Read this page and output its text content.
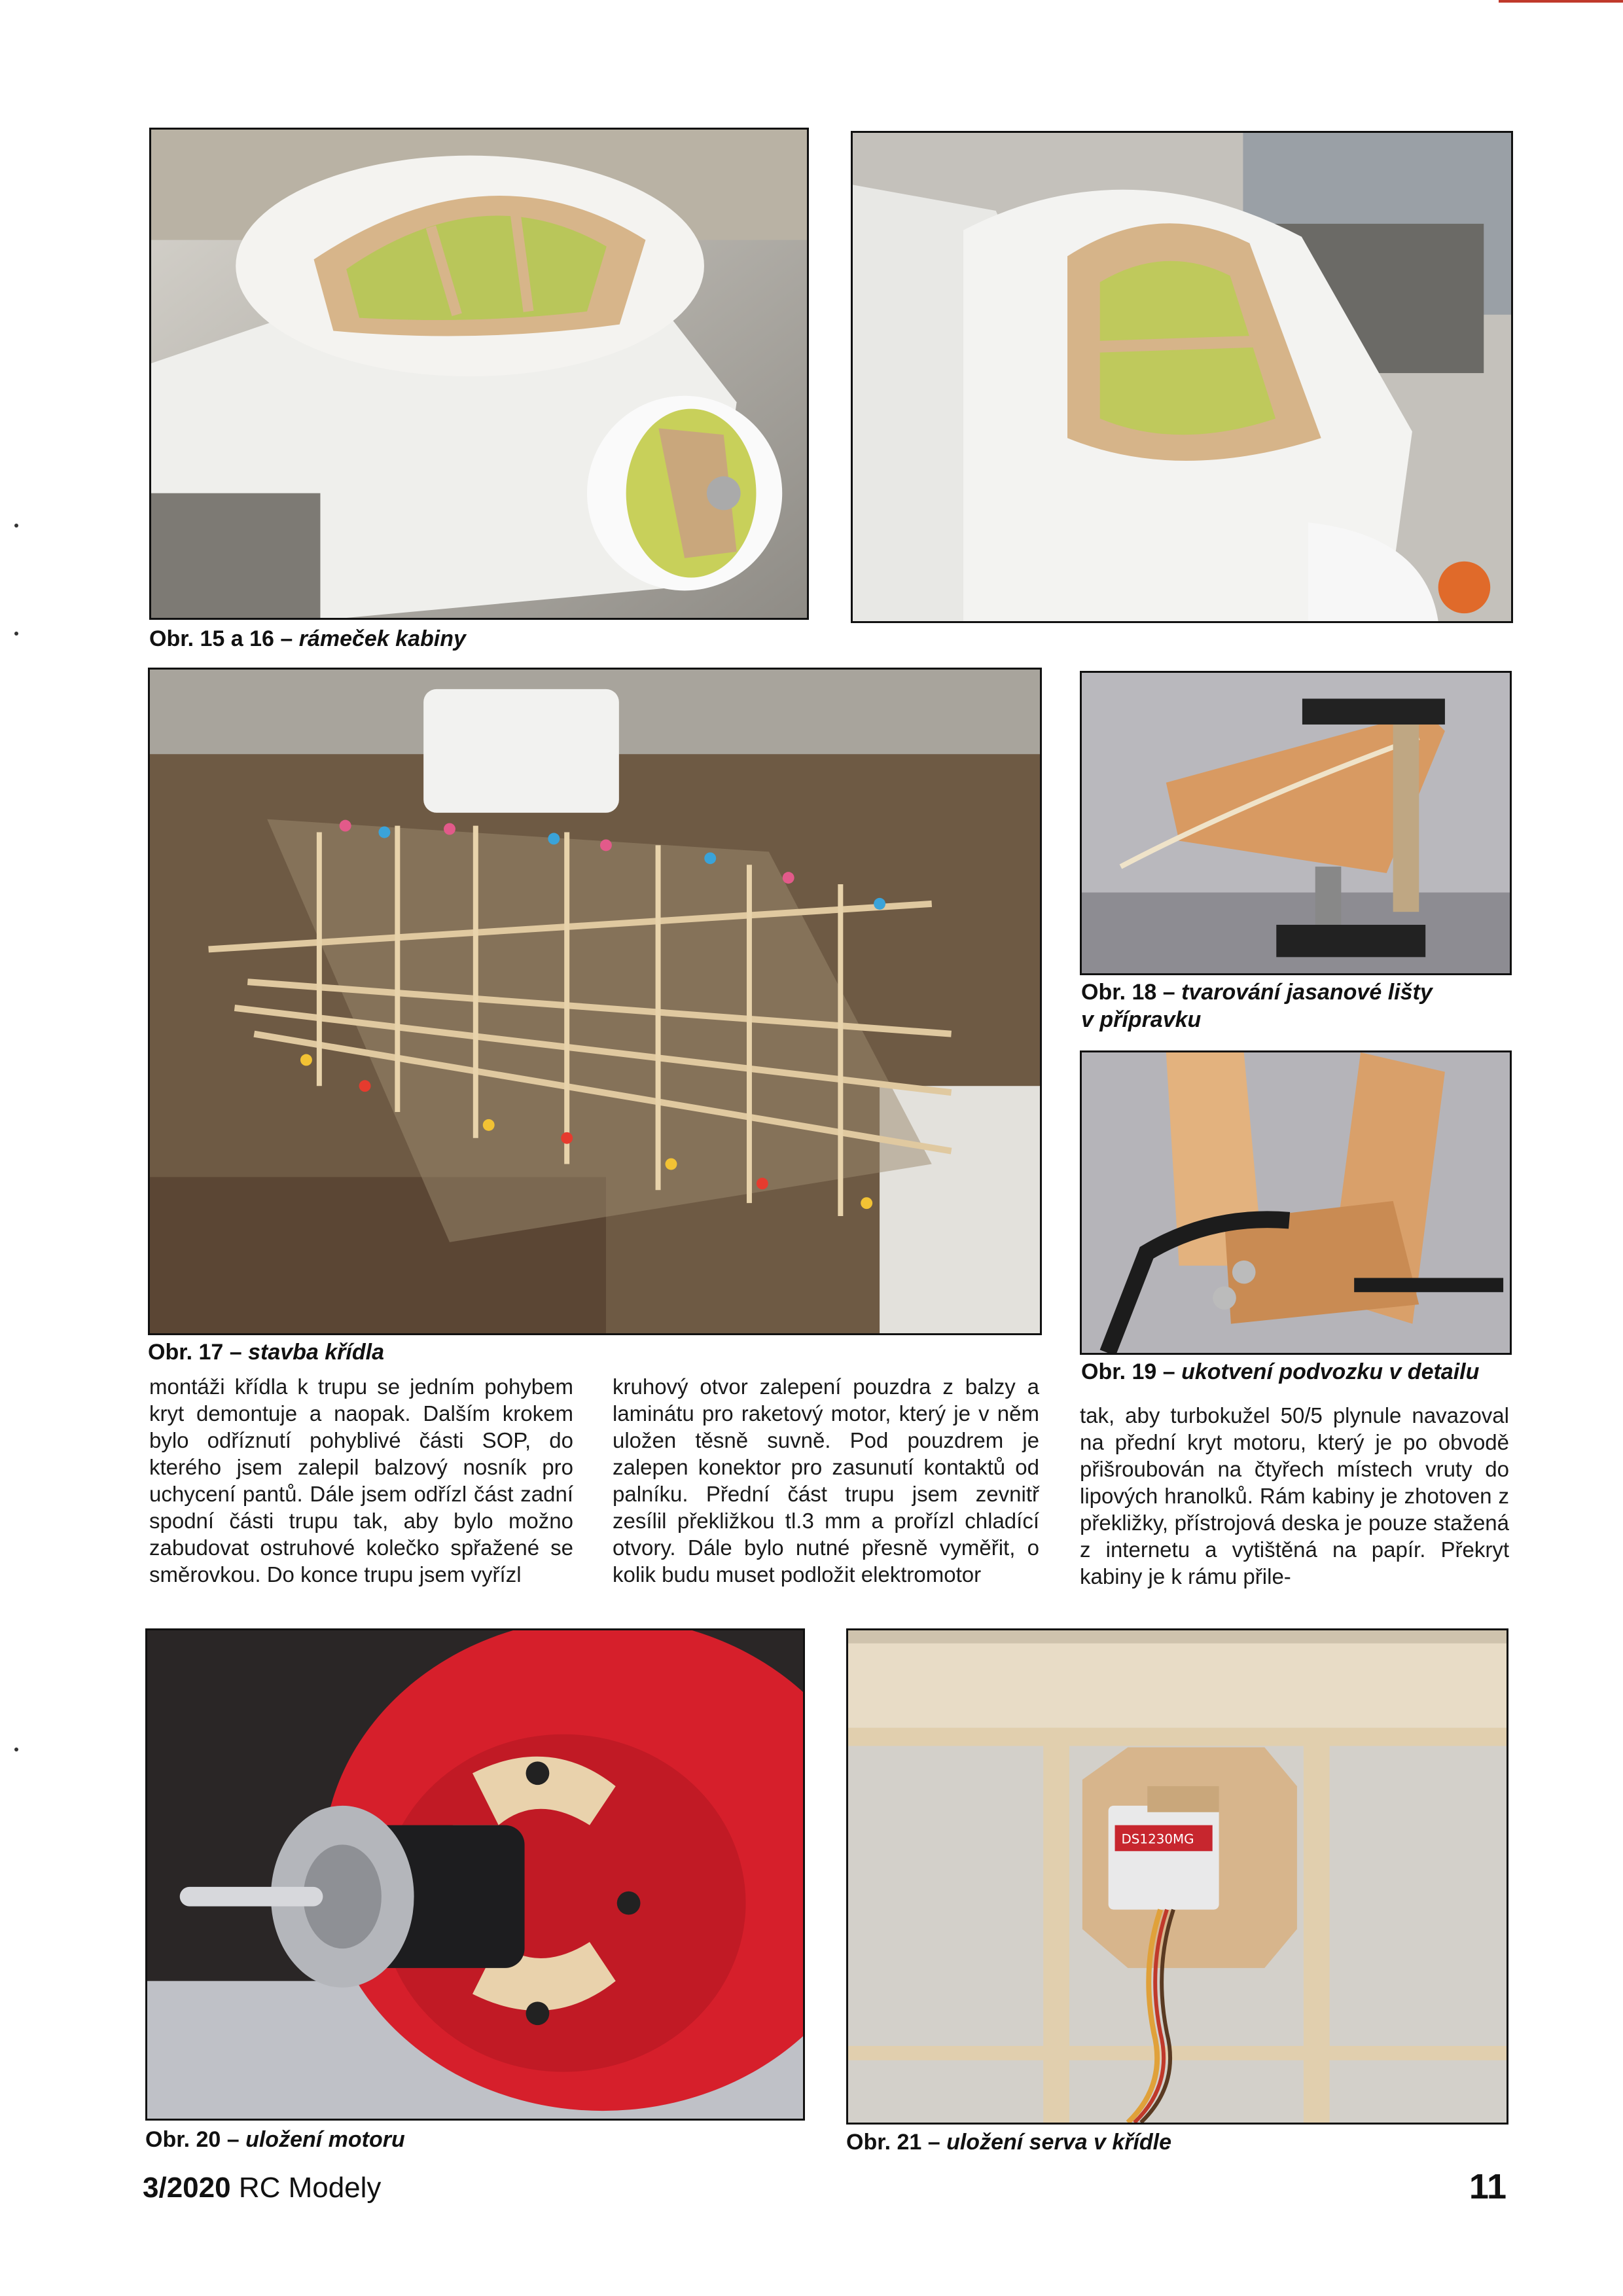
Obr. 15 a 16 – rámeček kabiny
Obr. 17 – stavba křídla
Obr. 18 – tvarování jasanové lišty
v přípravku
Obr. 19 – ukotvení podvozku v detailu
montáži křídla k trupu se jedním pohybem kryt demontuje a naopak. Dalším krokem bylo odříznutí pohyblivé části SOP, do kterého jsem zalepil balzový nosník pro uchycení pantů. Dále jsem odřízl část zadní spodní části trupu tak, aby bylo možno zabudovat ostruhové kolečko spřažené se směrovkou. Do konce trupu jsem vyřízl
kruhový otvor zalepení pouzdra z balzy a laminátu pro raketový motor, který je v něm uložen těsně suvně. Pod pouzdrem je zalepen konektor pro zasunutí kontaktů od palníku. Přední část trupu jsem zevnitř zesílil překližkou tl.3 mm a prořízl chladící otvory. Dále bylo nutné přesně vyměřit, o kolik budu muset podložit elektromotor
tak, aby turbokužel 50/5 plynule navazoval na přední kryt motoru, který je po obvodě přišroubován na čtyřech místech vruty do lipových hranolků. Rám kabiny je zhotoven z překližky, přístrojová deska je pouze stažená z internetu a vytištěná na papír. Překryt kabiny je k rámu přile-
Obr. 20 – uložení motoru
DS1230MG
Obr. 21 – uložení serva v křídle
3/2020 RC Modely	11
